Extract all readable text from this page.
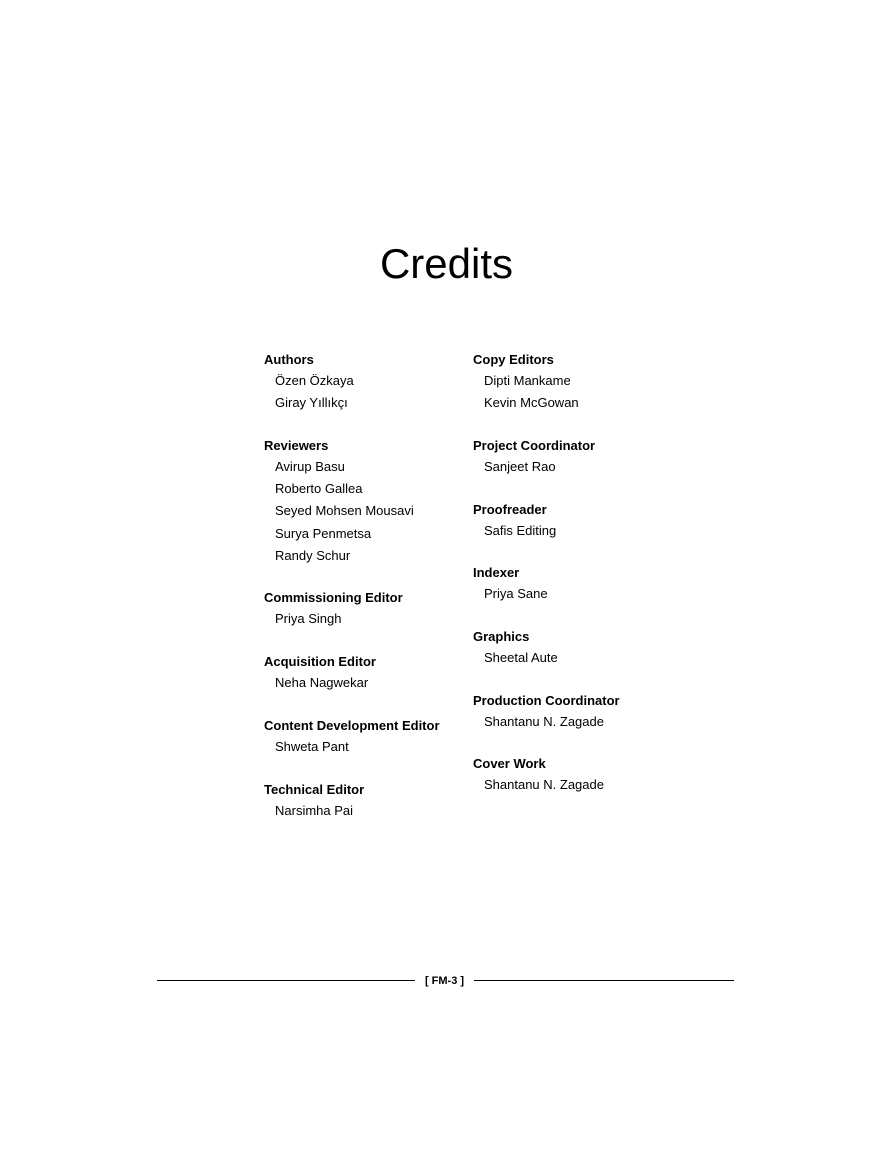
Credits
Authors
Özen Özkaya
Giray Yıllıkçı
Reviewers
Avirup Basu
Roberto Gallea
Seyed Mohsen Mousavi
Surya Penmetsa
Randy Schur
Commissioning Editor
Priya Singh
Acquisition Editor
Neha Nagwekar
Content Development Editor
Shweta Pant
Technical Editor
Narsimha Pai
Copy Editors
Dipti Mankame
Kevin McGowan
Project Coordinator
Sanjeet Rao
Proofreader
Safis Editing
Indexer
Priya Sane
Graphics
Sheetal Aute
Production Coordinator
Shantanu N. Zagade
Cover Work
Shantanu N. Zagade
[ FM-3 ]
